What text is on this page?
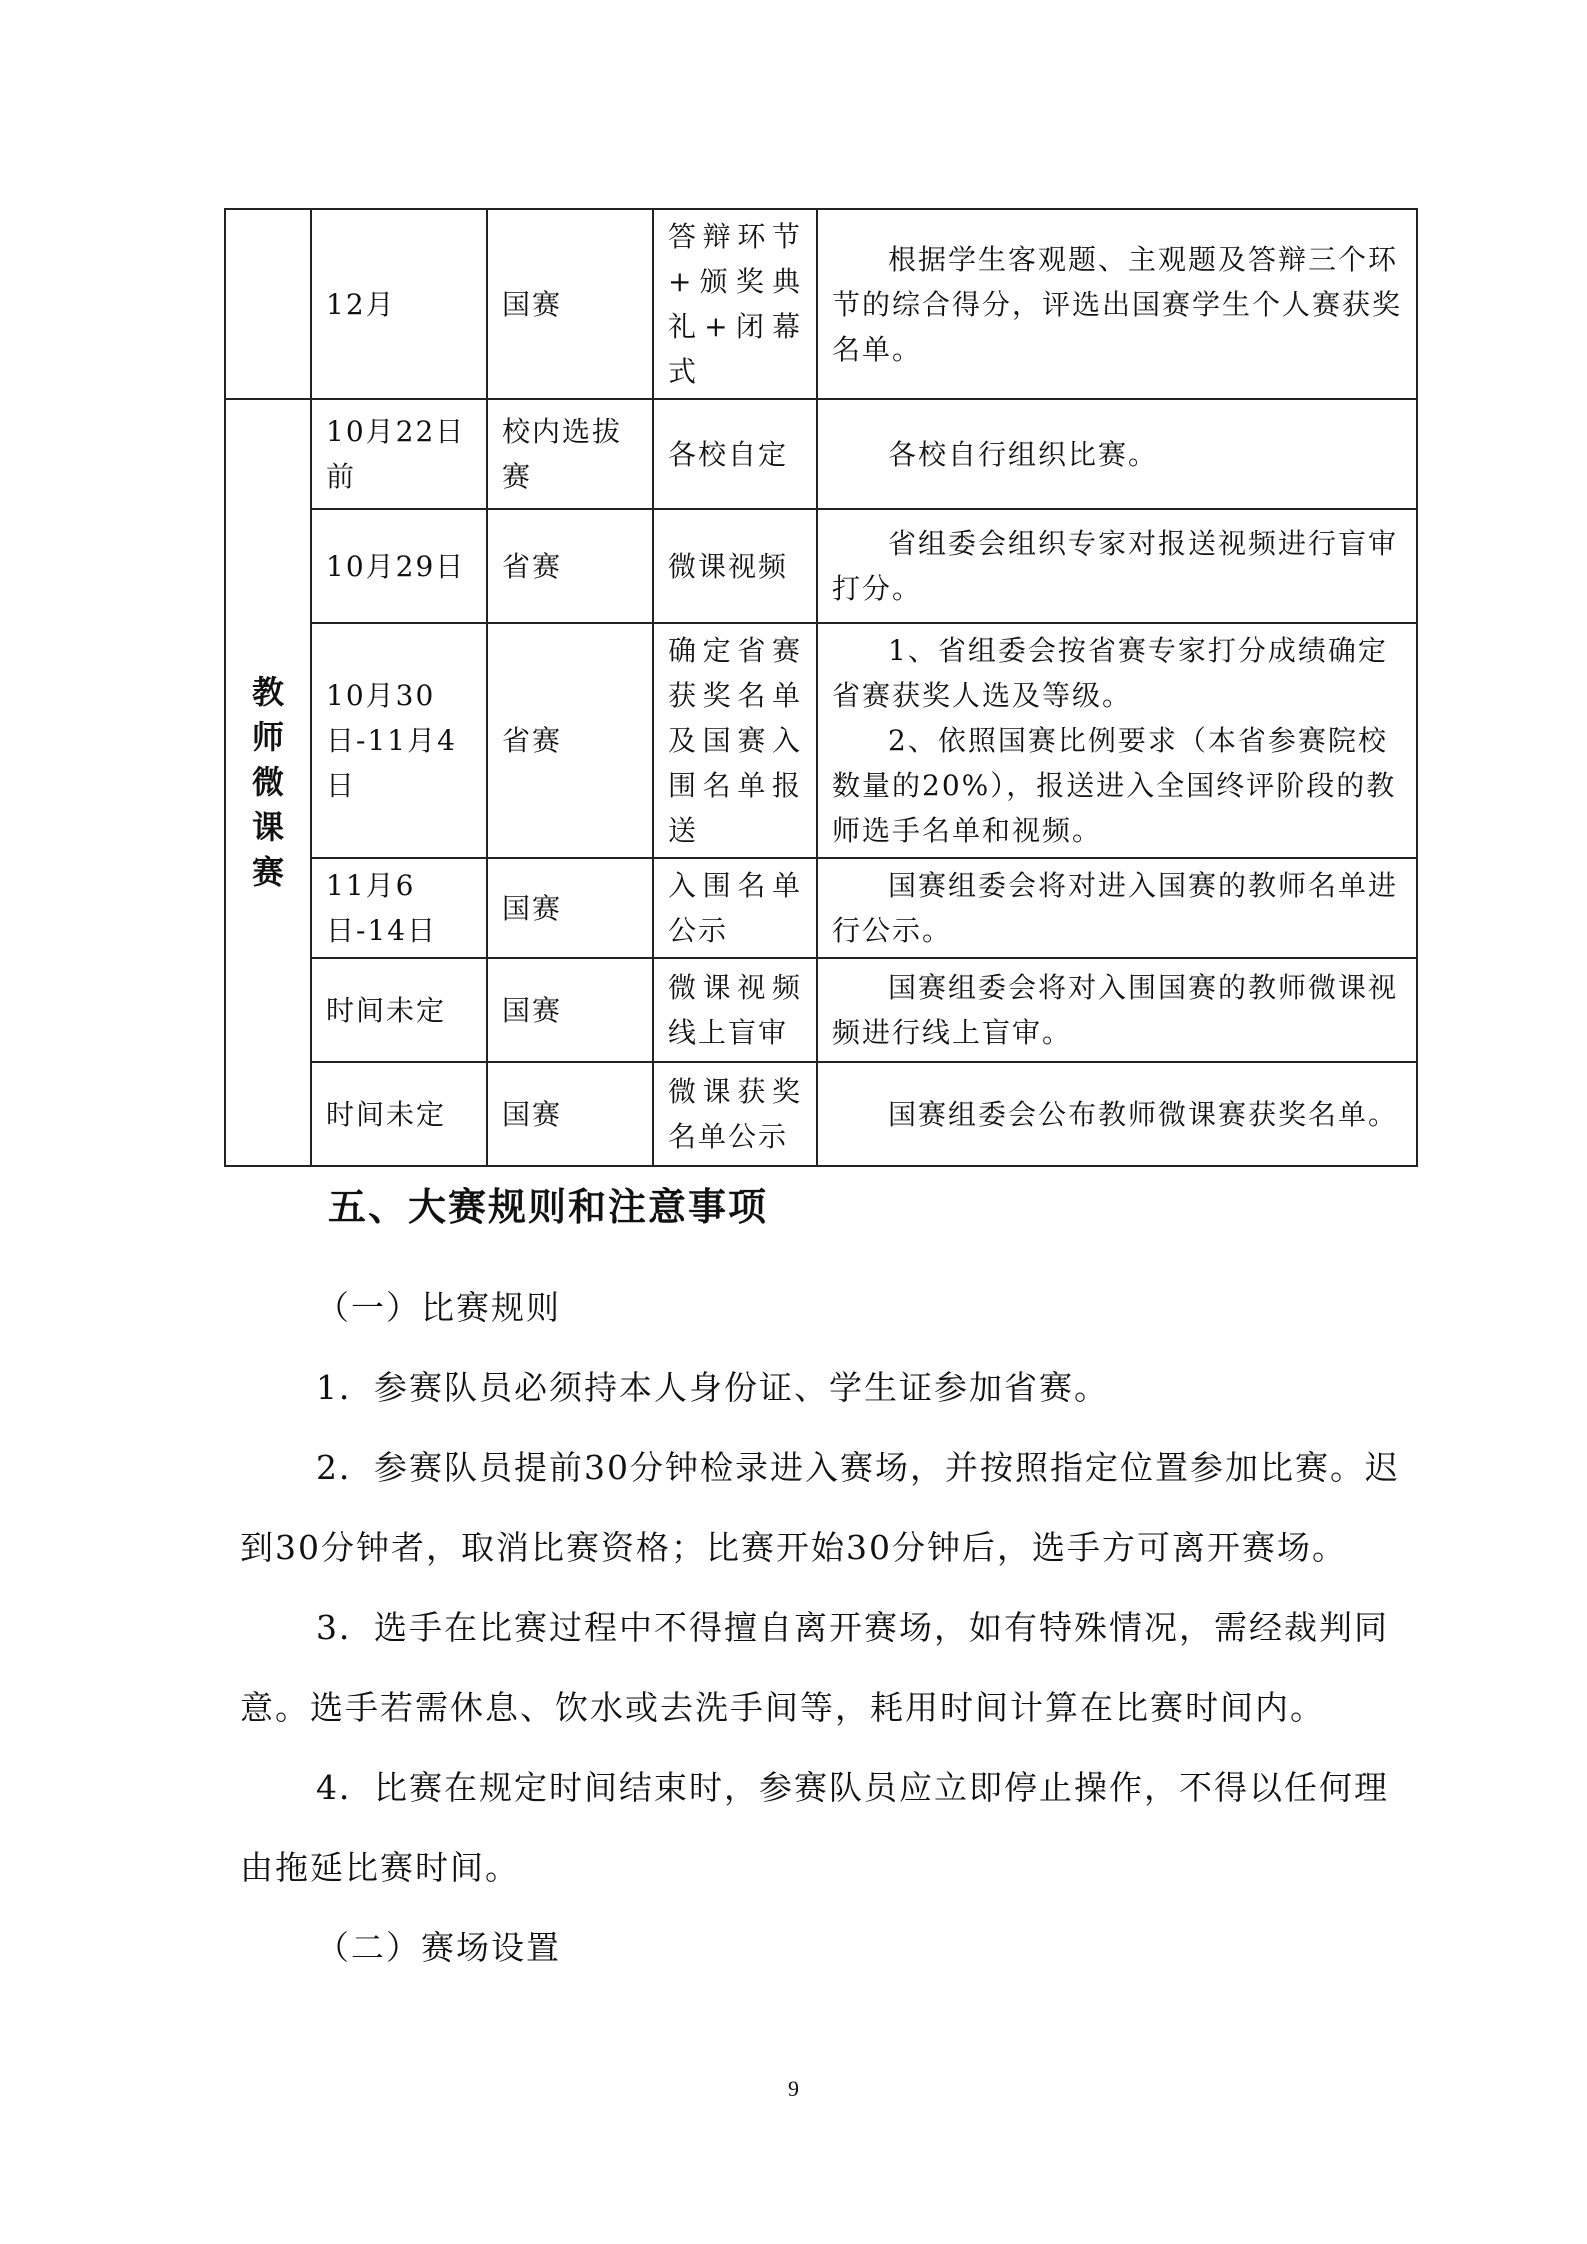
	12月	国赛	答辩环节+颁奖典礼+闭幕式	根据学生客观题、主观题及答辩三个环节的综合得分，评选出国赛学生个人赛获奖名单。

教师微课赛	10月22日前	校内选拔赛	各校自定	各校自行组织比赛。

	10月29日	省赛	微课视频	省组委会组织专家对报送视频进行盲审打分。

	10月30日-11月4日	省赛	确定省赛获奖名单及国赛入围名单报送	1、省组委会按省赛专家打分成绩确定省赛获奖人选及等级。
2、依照国赛比例要求（本省参赛院校数量的20%），报送进入全国终评阶段的教师选手名单和视频。

	11月6日-14日	国赛	入围名单公示	国赛组委会将对进入国赛的教师名单进行公示。

	时间未定	国赛	微课视频线上盲审	国赛组委会将对入围国赛的教师微课视频进行线上盲审。

	时间未定	国赛	微课获奖名单公示	国赛组委会公布教师微课赛获奖名单。
五、大赛规则和注意事项

（一）比赛规则

1．参赛队员必须持本人身份证、学生证参加省赛。

2．参赛队员提前30分钟检录进入赛场，并按照指定位置参加比赛。迟到30分钟者，取消比赛资格；比赛开始30分钟后，选手方可离开赛场。

3．选手在比赛过程中不得擅自离开赛场，如有特殊情况，需经裁判同意。选手若需休息、饮水或去洗手间等，耗用时间计算在比赛时间内。

4．比赛在规定时间结束时，参赛队员应立即停止操作，不得以任何理由拖延比赛时间。

（二）赛场设置

9
